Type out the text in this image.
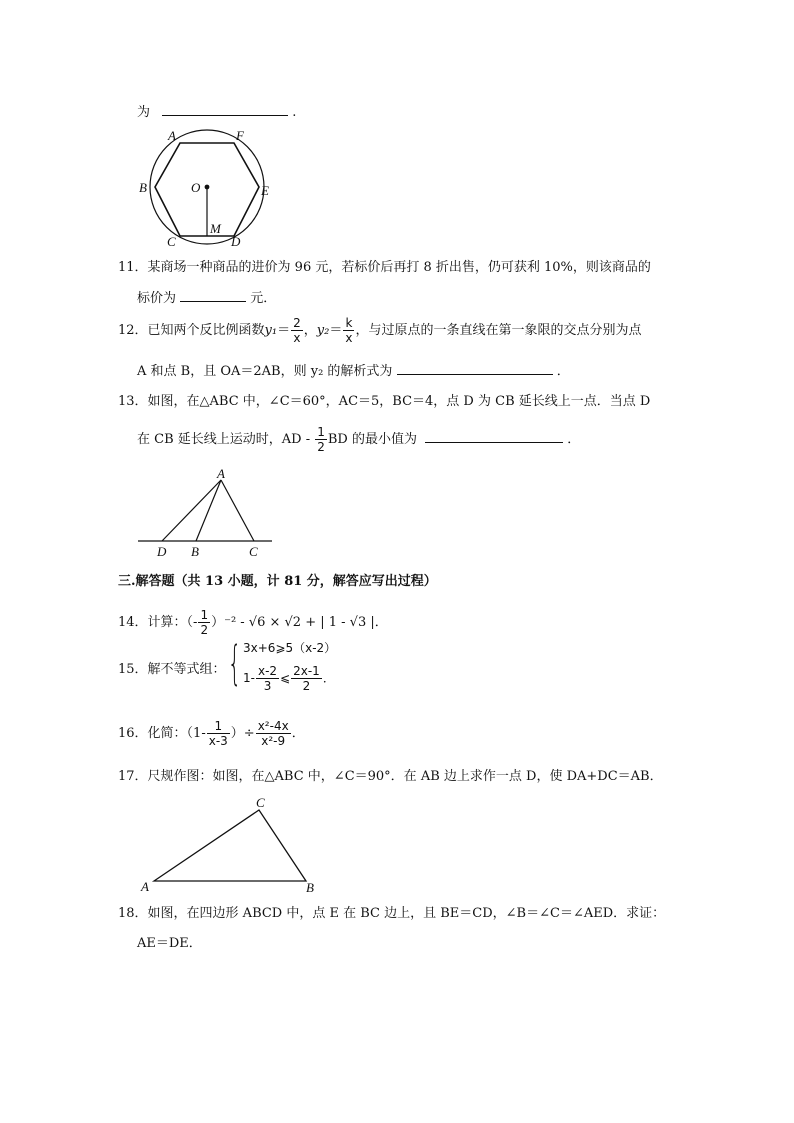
为	.
A	F
B	O	E
C
M
D
11．某商场一种商品的进价为 96 元，若标价后再打 8 折出售，仍可获利 10%，则该商品的
标价为	元．
12．已知两个反比例函数$y_1= \frac{2}{x}$ ，$y_2= \frac{k}{x}$ ，与过原点的一条直线在第一象限的交点分别为点
A 和点 B，且 OA＝2AB，则 y₂ 的解析式为	．
13．如图，在△ABC 中，∠C＝60°，AC＝5，BC＝4，点 D 为 CB 延长线上一点．当点 D
在 CB 延长线上运动时，AD - $\frac{1}{2}$ BD 的最小值为	．
A
D B	C
三.解答题（共 13 小题，计 81 分，解答应写出过程）
14．计算：（- $\frac{1}{2} )^{-2} - √6 \times √2$ + | 1 - √3 |．
15．解不等式组： { 3x+6⩾5（x-2）
$1- \frac{x-2}{3}$ ⩽ $\frac{2x-1}{2}$ ．
16．化简：（$1- \frac{1}{x-3}$ ）÷ $\frac{\text{x²-4x}}{\text{x²-9}}$ ．
17．尺规作图：如图，在△ABC 中，∠C＝90°．在 AB 边上求作一点 D，使 DA+DC＝AB．
C
A	B
18．如图，在四边形 ABCD 中，点 E 在 BC 边上，且 BE＝CD，∠B＝∠C＝∠AED．求证：
AE＝DE．
